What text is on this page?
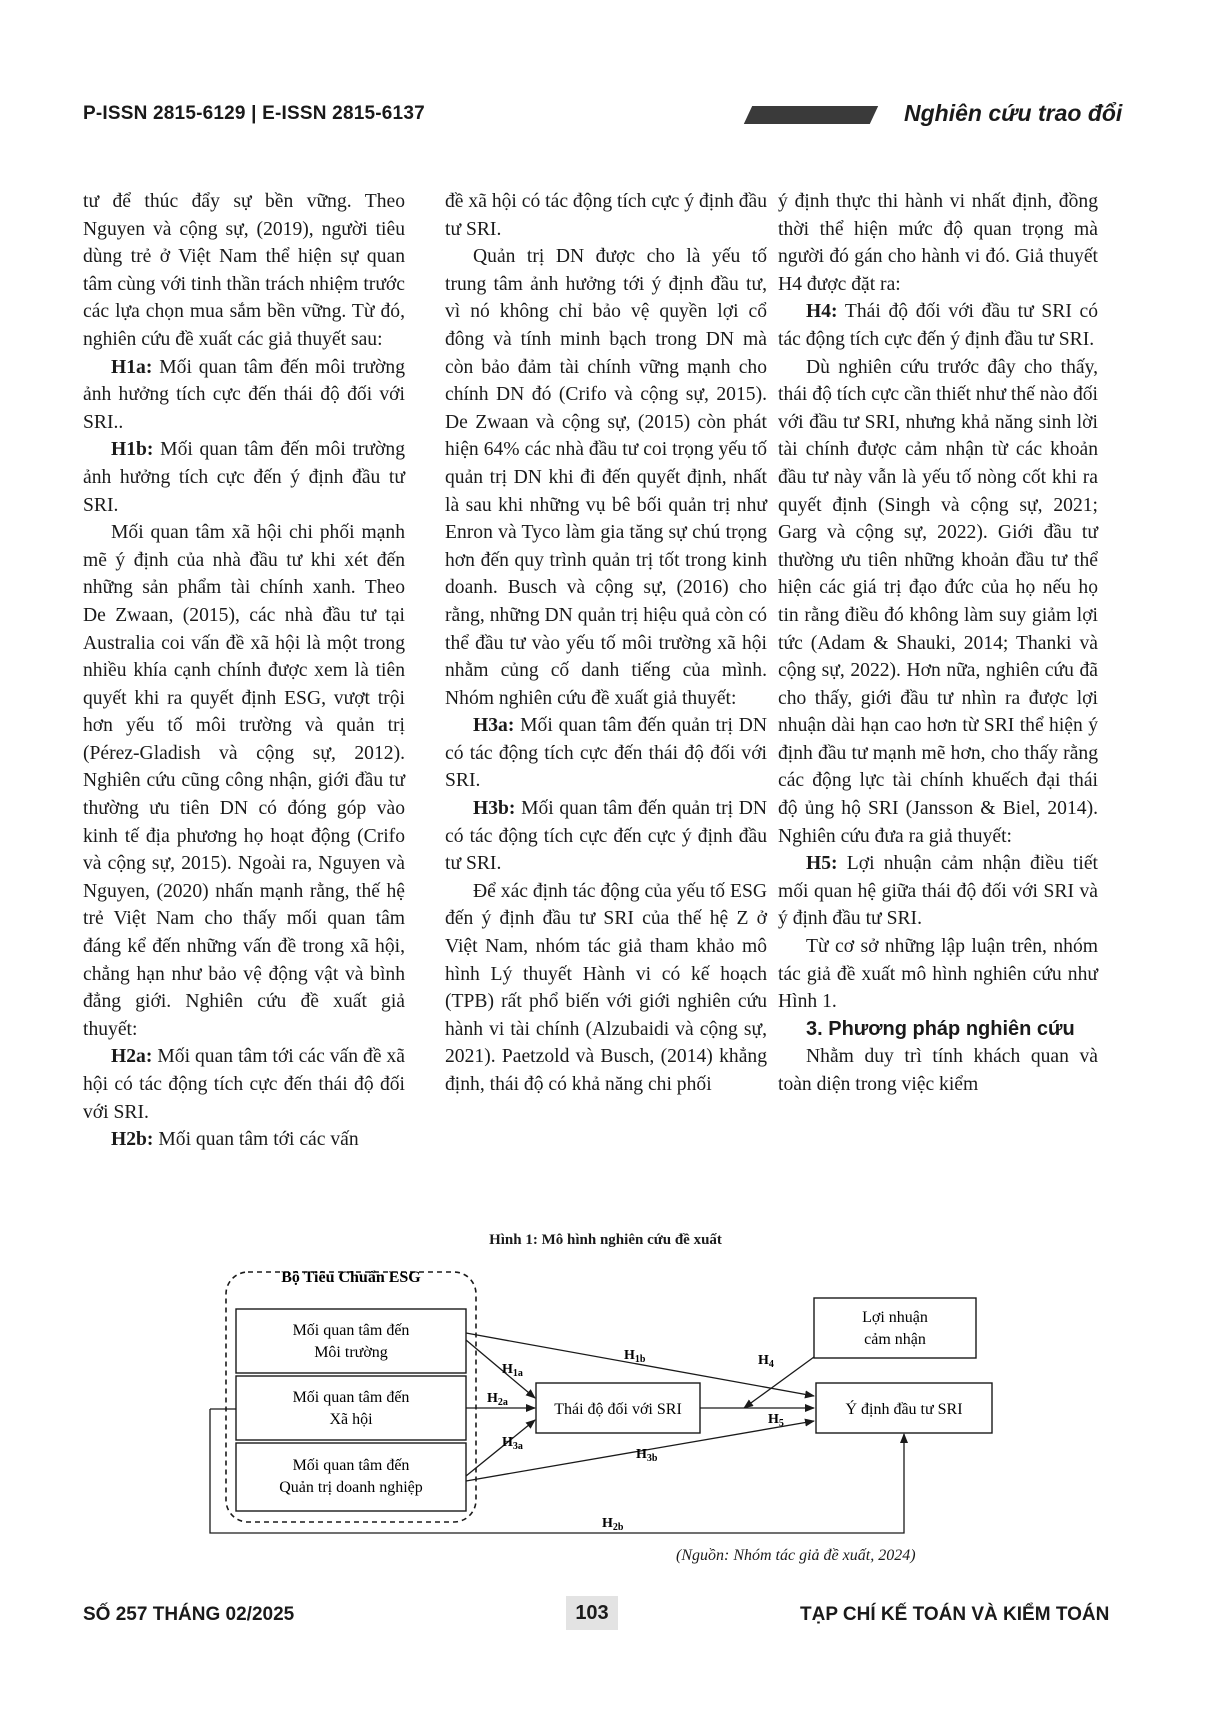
P-ISSN 2815-6129 | E-ISSN 2815-6137	Nghiên cứu trao đổi

tư để thúc đẩy sự bền vững. Theo Nguyen và cộng sự, (2019), người tiêu dùng trẻ ở Việt Nam thể hiện sự quan tâm cùng với tinh thần trách nhiệm trước các lựa chọn mua sắm bền vững. Từ đó, nghiên cứu đề xuất các giả thuyết sau:

H1a: Mối quan tâm đến môi trường ảnh hưởng tích cực đến thái độ đối với SRI..

H1b: Mối quan tâm đến môi trường ảnh hưởng tích cực đến ý định đầu tư SRI.

Mối quan tâm xã hội chi phối mạnh mẽ ý định của nhà đầu tư khi xét đến những sản phẩm tài chính xanh. Theo De Zwaan, (2015), các nhà đầu tư tại Australia coi vấn đề xã hội là một trong nhiều khía cạnh chính được xem là tiên quyết khi ra quyết định ESG, vượt trội hơn yếu tố môi trường và quản trị (Pérez-Gladish và cộng sự, 2012). Nghiên cứu cũng công nhận, giới đầu tư thường ưu tiên DN có đóng góp vào kinh tế địa phương họ hoạt động (Crifo và cộng sự, 2015). Ngoài ra, Nguyen và Nguyen, (2020) nhấn mạnh rằng, thế hệ trẻ Việt Nam cho thấy mối quan tâm đáng kể đến những vấn đề trong xã hội, chẳng hạn như bảo vệ động vật và bình đẳng giới. Nghiên cứu đề xuất giả thuyết:

H2a: Mối quan tâm tới các vấn đề xã hội có tác động tích cực đến thái độ đối với SRI.

H2b: Mối quan tâm tới các vấn

đề xã hội có tác động tích cực ý định đầu tư SRI.

Quản trị DN được cho là yếu tố trung tâm ảnh hưởng tới ý định đầu tư, vì nó không chỉ bảo vệ quyền lợi cổ đông và tính minh bạch trong DN mà còn bảo đảm tài chính vững mạnh cho chính DN đó (Crifo và cộng sự, 2015). De Zwaan và cộng sự, (2015) còn phát hiện 64% các nhà đầu tư coi trọng yếu tố quản trị DN khi đi đến quyết định, nhất là sau khi những vụ bê bối quản trị như Enron và Tyco làm gia tăng sự chú trọng hơn đến quy trình quản trị tốt trong kinh doanh. Busch và cộng sự, (2016) cho rằng, những DN quản trị hiệu quả còn có thể đầu tư vào yếu tố môi trường xã hội nhằm củng cố danh tiếng của mình. Nhóm nghiên cứu đề xuất giả thuyết:

H3a: Mối quan tâm đến quản trị DN có tác động tích cực đến thái độ đối với SRI.

H3b: Mối quan tâm đến quản trị DN có tác động tích cực đến cực ý định đầu tư SRI.

Để xác định tác động của yếu tố ESG đến ý định đầu tư SRI của thế hệ Z ở Việt Nam, nhóm tác giả tham khảo mô hình Lý thuyết Hành vi có kế hoạch (TPB) rất phổ biến với giới nghiên cứu hành vi tài chính (Alzubaidi và cộng sự, 2021). Paetzold và Busch, (2014) khẳng định, thái độ có khả năng chi phối

ý định thực thi hành vi nhất định, đồng thời thể hiện mức độ quan trọng mà người đó gán cho hành vi đó. Giả thuyết H4 được đặt ra:

H4: Thái độ đối với đầu tư SRI có tác động tích cực đến ý định đầu tư SRI.

Dù nghiên cứu trước đây cho thấy, thái độ tích cực cần thiết như thế nào đối với đầu tư SRI, nhưng khả năng sinh lời tài chính được cảm nhận từ các khoản đầu tư này vẫn là yếu tố nòng cốt khi ra quyết định (Singh và cộng sự, 2021; Garg và cộng sự, 2022). Giới đầu tư thường ưu tiên những khoản đầu tư thể hiện các giá trị đạo đức của họ nếu họ tin rằng điều đó không làm suy giảm lợi tức (Adam & Shauki, 2014; Thanki và cộng sự, 2022). Hơn nữa, nghiên cứu đã cho thấy, giới đầu tư nhìn ra được lợi nhuận dài hạn cao hơn từ SRI thể hiện ý định đầu tư mạnh mẽ hơn, cho thấy rằng các động lực tài chính khuếch đại thái độ ủng hộ SRI (Jansson & Biel, 2014). Nghiên cứu đưa ra giả thuyết:

H5: Lợi nhuận cảm nhận điều tiết mối quan hệ giữa thái độ đối với SRI và ý định đầu tư SRI.

Từ cơ sở những lập luận trên, nhóm tác giả đề xuất mô hình nghiên cứu như Hình 1.

3. Phương pháp nghiên cứu

Nhằm duy trì tính khách quan và toàn diện trong việc kiểm

Hình 1: Mô hình nghiên cứu đề xuất
Bộ Tiêu Chuẩn ESG
Mối quan tâm đến
Môi trường
Mối quan tâm đến
Xã hội
Mối quan tâm đến
Quản trị doanh nghiệp
Thái độ đối với SRI	Ý định đầu tư SRI
Lợi nhuận
cảm nhận
$H_{1a}$
$H_{1b}$
$H_{2a}$
$H_{3a}$
$H_{3b}$
$H_4$
$H_5$
$H_{2b}$
(Nguồn: Nhóm tác giả đề xuất, 2024)
SỐ 257 THÁNG 02/2025	103	TẠP CHÍ KẾ TOÁN VÀ KIỂM TOÁN
